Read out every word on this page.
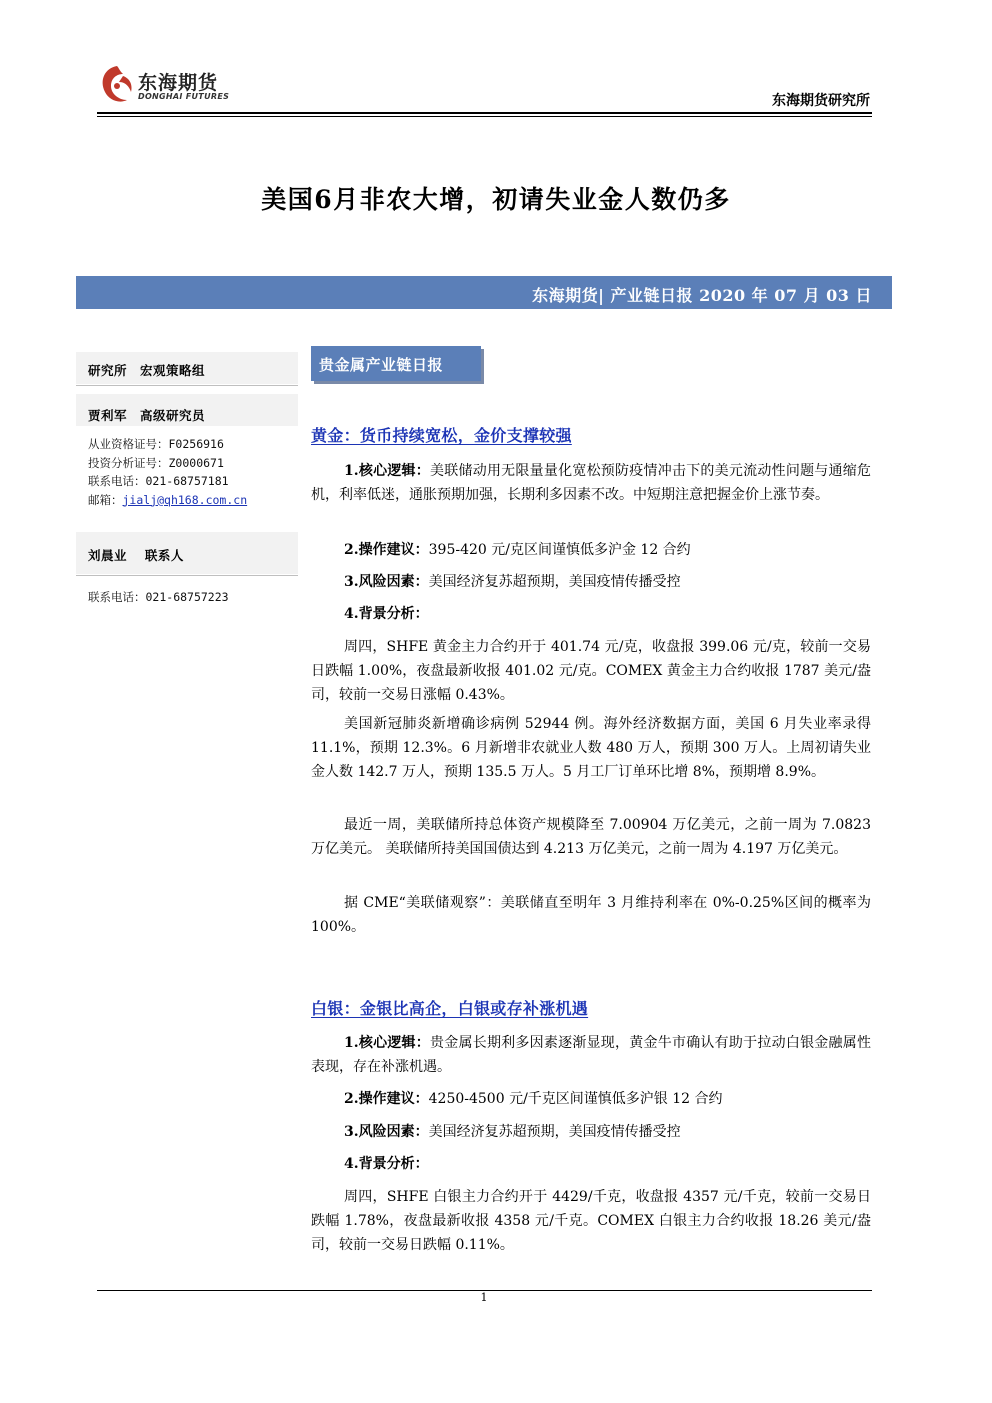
东海期货
DONGHAI FUTURES	东海期货研究所
美国6月非农大增，初请失业金人数仍多
东海期货| 产业链日报 2020 年 07 月 03 日
研究所　宏观策略组
贾利军　高级研究员
从业资格证号：F0256916
投资分析证号：Z0000671
联系电话：021-68757181
邮箱：jialj@qh168.com.cn
刘晨业　 联系人
联系电话：021-68757223
贵金属产业链日报
黄金：货币持续宽松，金价支撑较强
1.核心逻辑：美联储动用无限量量化宽松预防疫情冲击下的美元流动性问题与通缩危机，利率低迷，通胀预期加强，长期利多因素不改。中短期注意把握金价上涨节奏。
2.操作建议：395-420 元/克区间谨慎低多沪金 12 合约
3.风险因素：美国经济复苏超预期，美国疫情传播受控
4.背景分析：
周四，SHFE 黄金主力合约开于 401.74 元/克，收盘报 399.06 元/克，较前一交易日跌幅 1.00%，夜盘最新收报 401.02 元/克。COMEX 黄金主力合约收报 1787 美元/盎司，较前一交易日涨幅 0.43%。
美国新冠肺炎新增确诊病例 52944 例。海外经济数据方面，美国 6 月失业率录得 11.1%，预期 12.3%。6 月新增非农就业人数 480 万人，预期 300 万人。上周初请失业金人数 142.7 万人，预期 135.5 万人。5 月工厂订单环比增 8%，预期增 8.9%。
最近一周，美联储所持总体资产规模降至 7.00904 万亿美元，之前一周为 7.0823 万亿美元。 美联储所持美国国债达到 4.213 万亿美元，之前一周为 4.197 万亿美元。
据 CME“美联储观察”：美联储直至明年 3 月维持利率在 0%-0.25%区间的概率为 100%。
白银：金银比高企，白银或存补涨机遇
1.核心逻辑：贵金属长期利多因素逐渐显现，黄金牛市确认有助于拉动白银金融属性表现，存在补涨机遇。
2.操作建议：4250-4500 元/千克区间谨慎低多沪银 12 合约
3.风险因素：美国经济复苏超预期，美国疫情传播受控
4.背景分析：
周四，SHFE 白银主力合约开于 4429/千克，收盘报 4357 元/千克，较前一交易日跌幅 1.78%，夜盘最新收报 4358 元/千克。COMEX 白银主力合约收报 18.26 美元/盎司，较前一交易日跌幅 0.11%。
1
